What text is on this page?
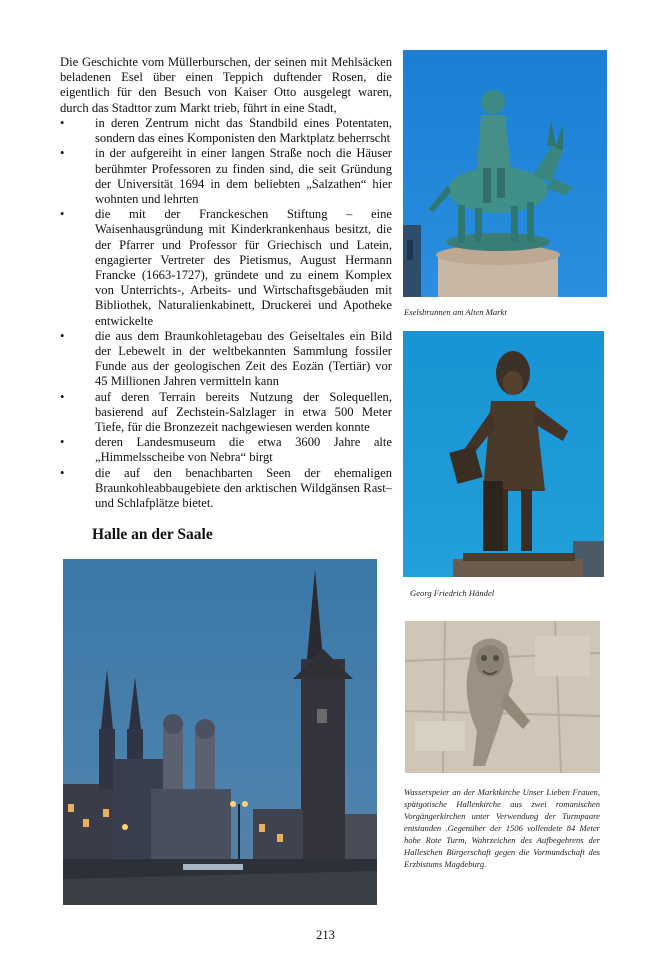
Die Geschichte vom Müllerburschen, der seinen mit Mehlsäcken beladenen Esel über einen Teppich duftender Rosen, die eigentlich für den Besuch von Kaiser Otto ausgelegt waren, durch das Stadttor zum Markt trieb, führt in eine Stadt,
•	in deren Zentrum nicht das Standbild eines Potentaten, sondern das eines Komponisten den Marktplatz beherrscht
•	in der aufgereiht in einer langen Straße noch die Häuser berühmter Professoren zu finden sind, die seit Gründung der Universität 1694 in dem beliebten „Salzathen“ hier wohnten und lehrten
•	die mit der Franckeschen Stiftung – eine Waisenhausgründung mit Kinderkrankenhaus besitzt, die der Pfarrer und Professor für Griechisch und Latein, engagierter Vertreter des Pietismus, August Hermann Francke (1663-1727), gründete und zu einem Komplex von Unterrichts-, Arbeits- und Wirtschaftsgebäuden mit Bibliothek, Naturalienkabinett, Druckerei und Apotheke entwickelte
•	die aus dem Braunkohletagebau des Geiseltales ein Bild der Lebewelt in der weltbekannten Sammlung fossiler Funde aus der geologischen Zeit des Eozän (Tertiär) vor 45 Millionen Jahren vermitteln kann
•	auf deren Terrain bereits Nutzung der Solequellen, basierend auf Zechstein-Salzlager in etwa 500 Meter Tiefe, für die Bronzezeit nachgewiesen werden konnte
•	deren Landesmuseum die etwa 3600 Jahre alte „Himmelsscheibe von Nebra“ birgt
•	die auf den benachbarten Seen der ehemaligen Braunkohleabbaugebiete den arktischen Wildgänsen Rast– und Schlafplätze bietet.
Halle an der Saale
Eselsbrunnen am Alten Markt
Georg Friedrich Händel
Wasserspeier an der Marktkirche Unser Lieben Frauen, spätgotische Hallenkirche aus zwei romanischen Vorgängerkirchen unter Verwendung der Turmpaare entstanden .Gegenüber der 1506 vollendete 84 Meter hohe Rote Turm, Wahrzeichen des Aufbegehrens der Halleschen Bürgerschaft gegen die Vormundschaft des Erzbistums Magdeburg.
213
